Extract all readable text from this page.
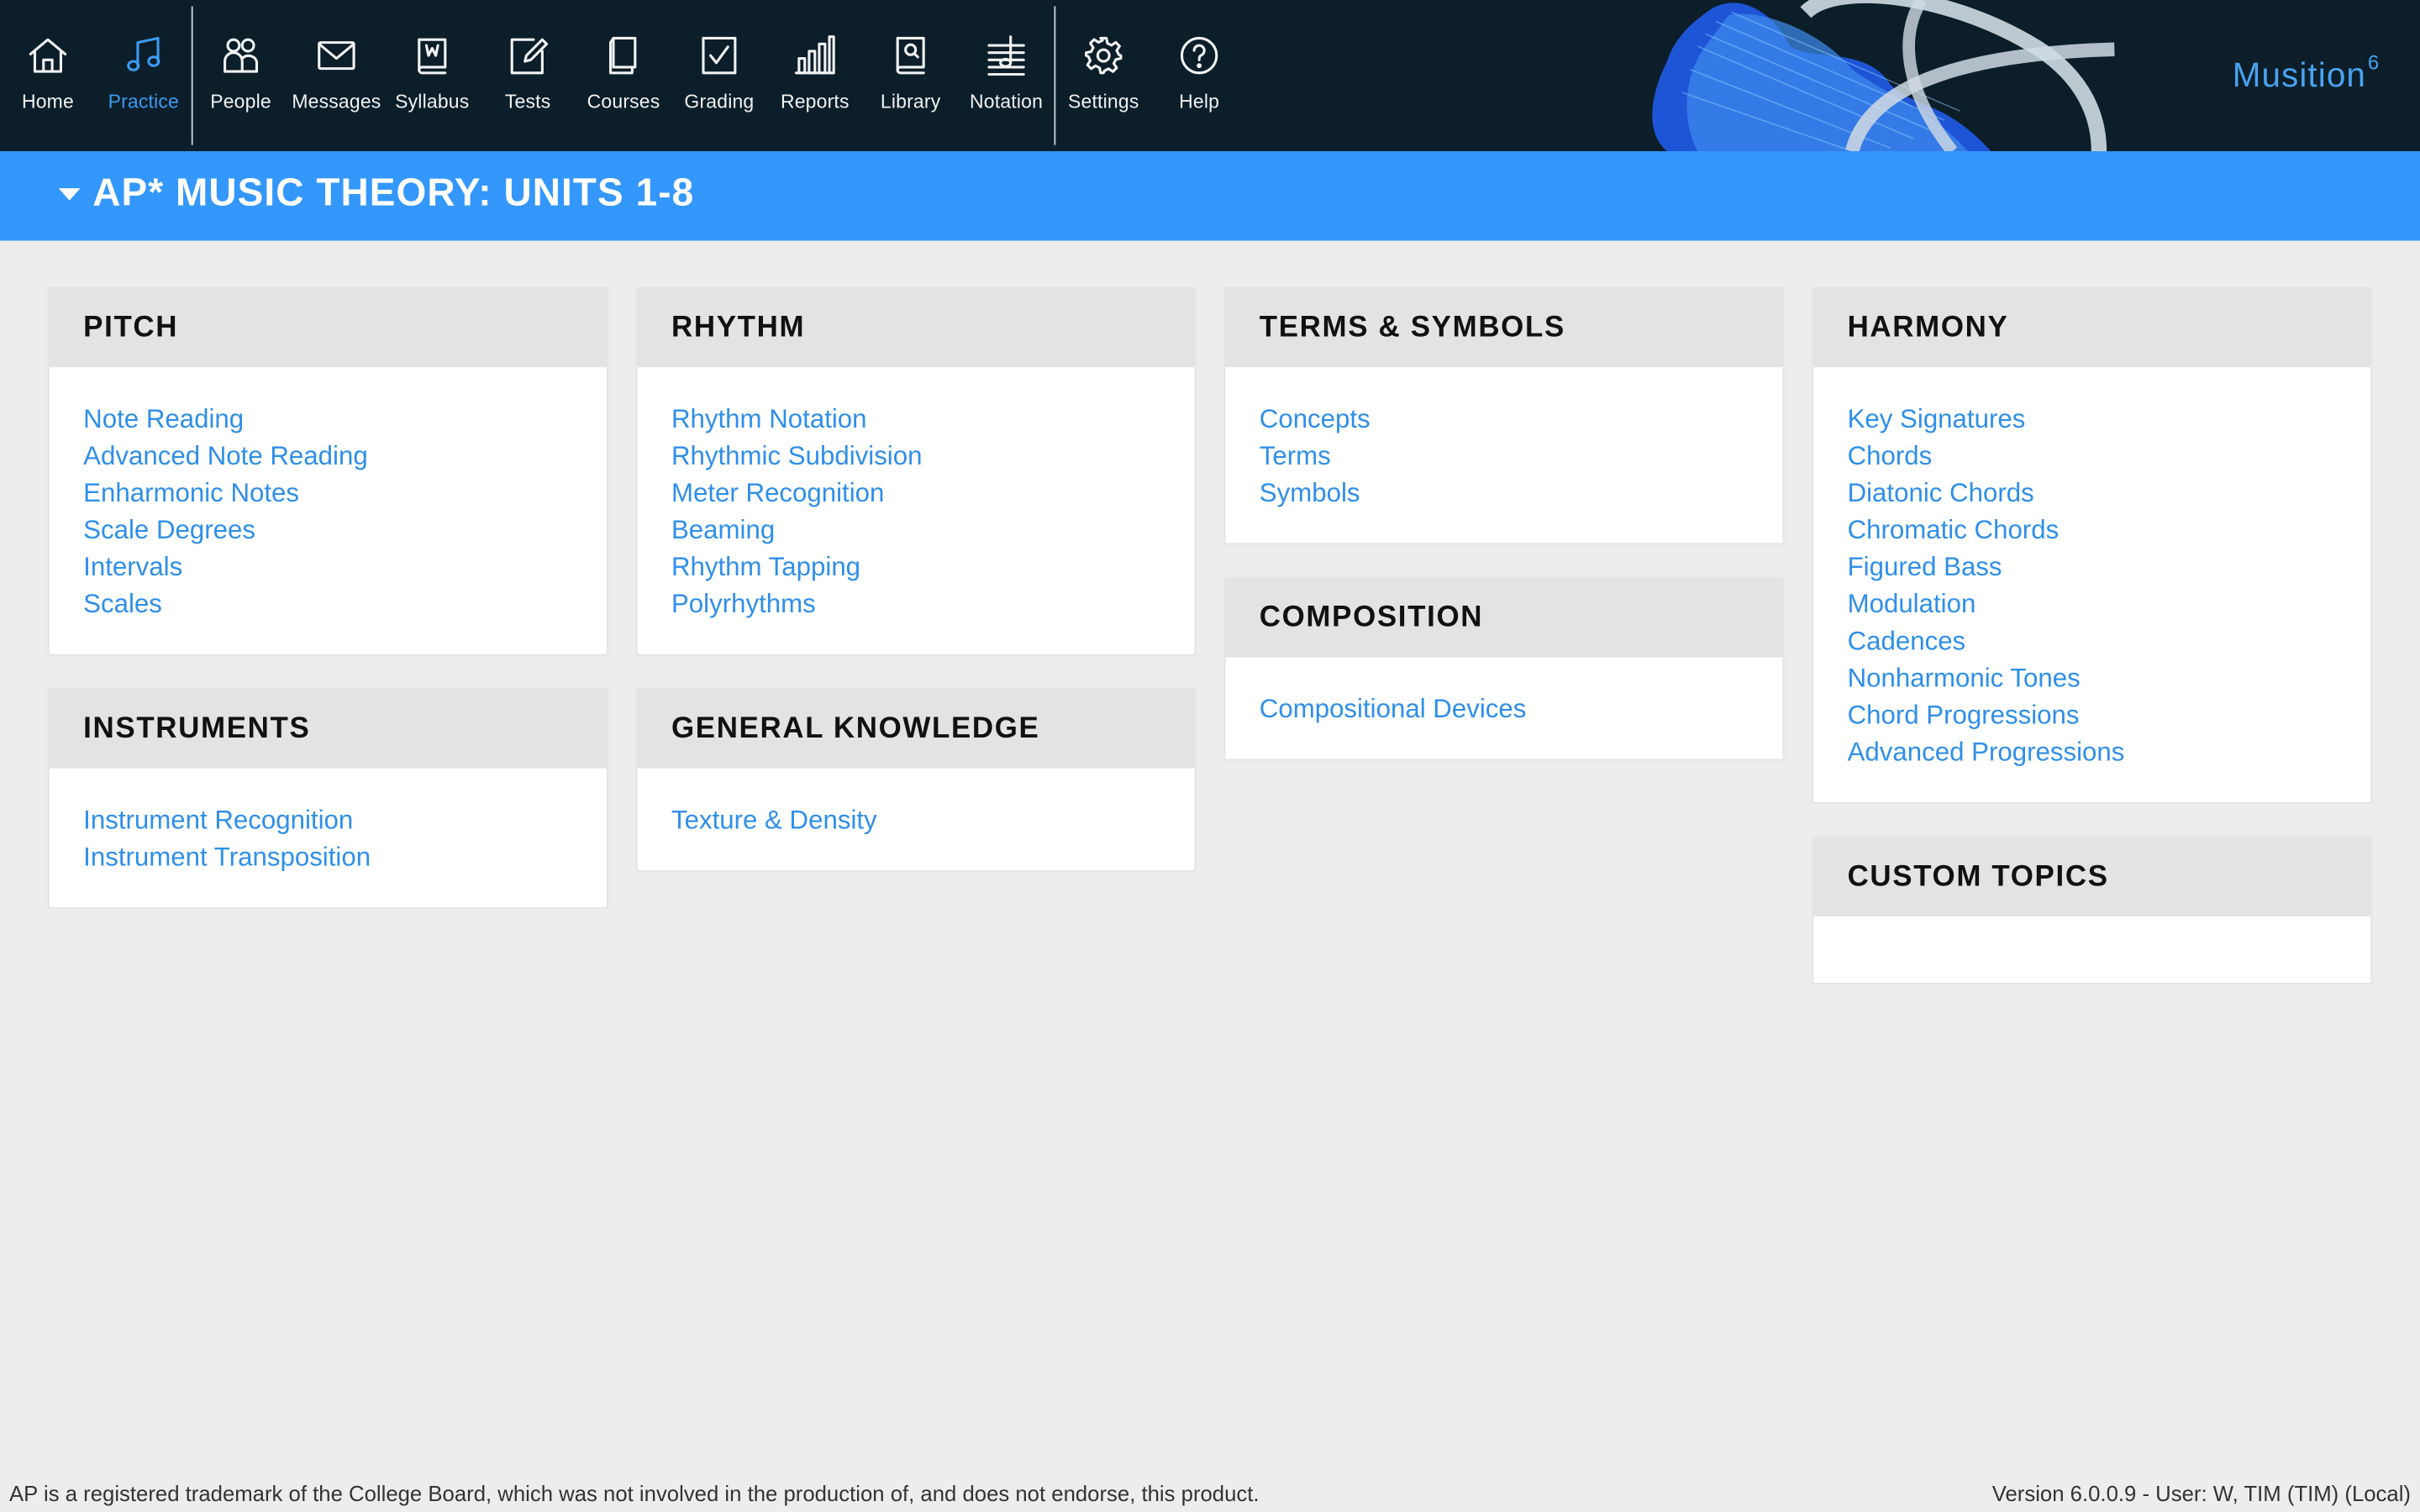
Home	Practice	People Messages Syllabus	Tests	Courses Grading	Reports	Library	Notation Settings	Help
Musition $^6$
AP* MUSIC THEORY: UNITS 1-8
PITCH
Note Reading
Advanced Note Reading
Enharmonic Notes
Scale Degrees
Intervals
Scales
RHYTHM
Rhythm Notation
Rhythmic Subdivision
Meter Recognition
Beaming
Rhythm Tapping
Polyrhythms
TERMS & SYMBOLS
Concepts
Terms
Symbols
HARMONY
Key Signatures
Chords
Diatonic Chords
Chromatic Chords
Figured Bass
Modulation
Cadences
Nonharmonic Tones
Chord Progressions
Advanced Progressions
INSTRUMENTS
Instrument Recognition
Instrument Transposition
GENERAL KNOWLEDGE
Texture & Density
COMPOSITION
Compositional Devices
CUSTOM TOPICS
AP is a registered trademark of the College Board, which was not involved in the production of, and does not endorse, this product.	Version 6.0.0.9 - User: W, TIM (TIM) (Local)
